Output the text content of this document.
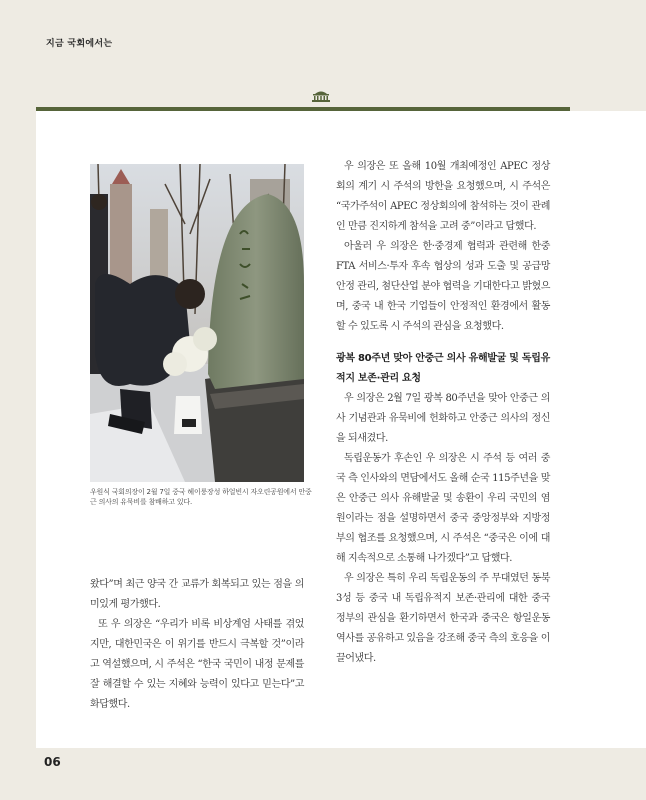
지금 국회에서는
우원식 국회의장이 2월 7일 중국 헤이룽장성 하얼빈시 자오린공원에서 안중근 의사의 유묵비를 참배하고 있다.

왔다”며 최근 양국 간 교류가 회복되고 있는 점을 의미있게 평가했다.

또 우 의장은 “우리가 비록 비상계엄 사태를 겪었지만, 대한민국은 이 위기를 반드시 극복할 것”이라고 역설했으며, 시 주석은 “한국 국민이 내정 문제를 잘 해결할 수 있는 지혜와 능력이 있다고 믿는다”고 화답했다.

우 의장은 또 올해 10월 개최예정인 APEC 정상회의 계기 시 주석의 방한을 요청했으며, 시 주석은 “국가주석이 APEC 정상회의에 참석하는 것이 관례인 만큼 진지하게 참석을 고려 중”이라고 답했다.

아울러 우 의장은 한·중경제 협력과 관련해 한중 FTA 서비스·투자 후속 협상의 성과 도출 및 공급망 안정 관리, 첨단산업 분야 협력을 기대한다고 밝혔으며, 중국 내 한국 기업들이 안정적인 환경에서 활동할 수 있도록 시 주석의 관심을 요청했다.

광복 80주년 맞아 안중근 의사 유해발굴 및 독립유적지 보존·관리 요청

우 의장은 2월 7일 광복 80주년을 맞아 안중근 의사 기념관과 유묵비에 헌화하고 안중근 의사의 정신을 되새겼다.

독립운동가 후손인 우 의장은 시 주석 등 여러 중국 측 인사와의 면담에서도 올해 순국 115주년을 맞은 안중근 의사 유해발굴 및 송환이 우리 국민의 염원이라는 점을 설명하면서 중국 중앙정부와 지방정부의 협조를 요청했으며, 시 주석은 “중국은 이에 대해 지속적으로 소통해 나가겠다”고 답했다.

우 의장은 특히 우리 독립운동의 주 무대였던 동북3성 등 중국 내 독립유적지 보존·관리에 대한 중국 정부의 관심을 환기하면서 한국과 중국은 항일운동 역사를 공유하고 있음을 강조해 중국 측의 호응을 이끌어냈다.

06
